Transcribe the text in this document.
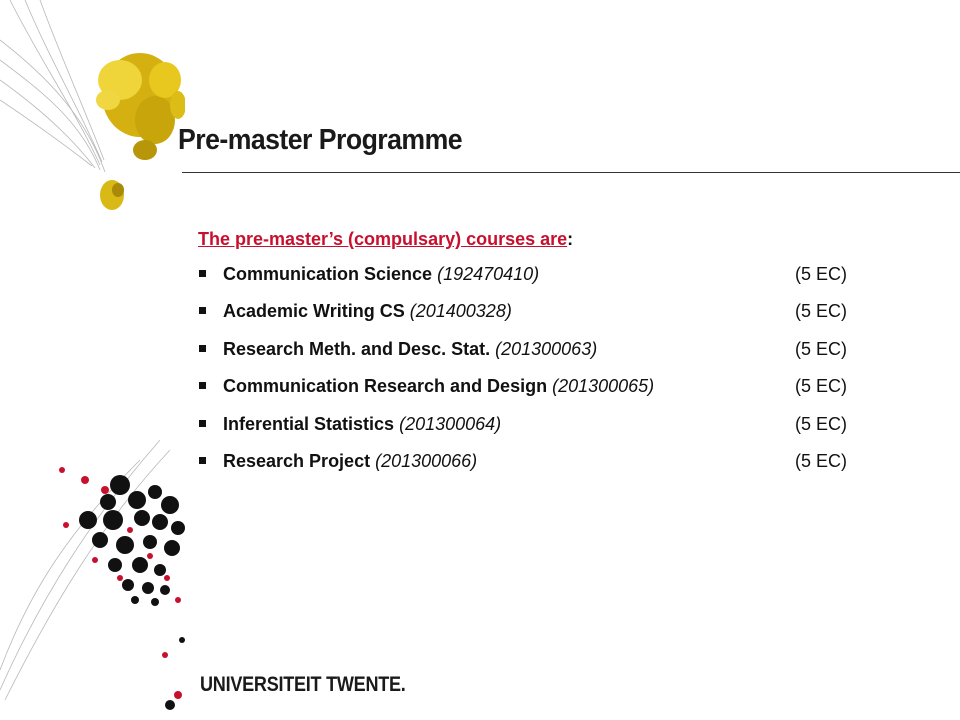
Pre-master Programme
The pre-master’s (compulsary) courses are:
Communication Science (192470410)	(5 EC)
Academic Writing CS (201400328)	(5 EC)
Research Meth. and Desc. Stat. (201300063)	(5 EC)
Communication Research and Design (201300065)	(5 EC)
Inferential Statistics (201300064)	(5 EC)
Research Project (201300066)	(5 EC)
UNIVERSITEIT TWENTE.
